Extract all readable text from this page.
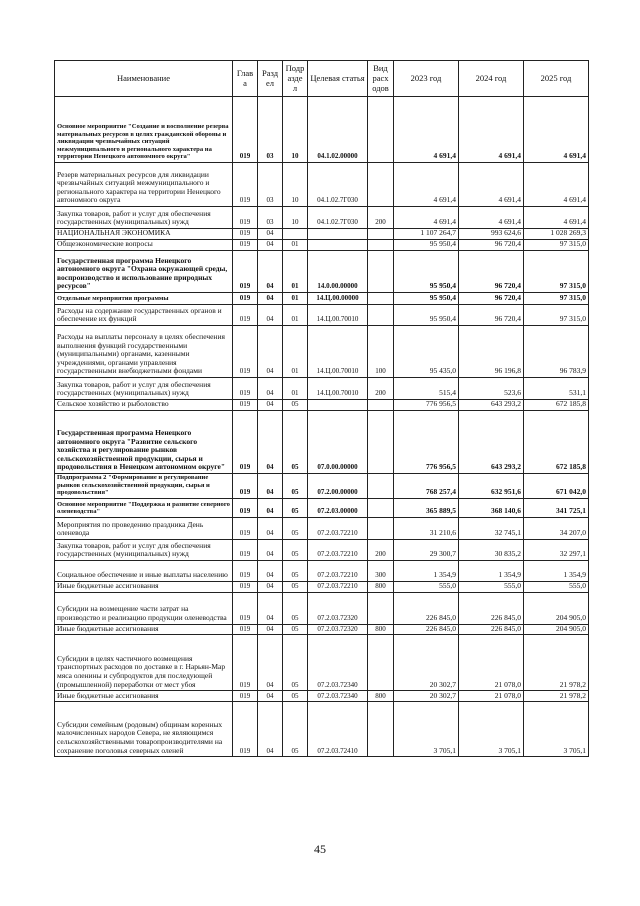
Наименование	Глав а	Разд ел	Подр азде л	Целевая статья	Вид расх одов	2023 год	2024 год	2025 год
Основное мероприятие "Создание и восполнение резерва материальных ресурсов в целях гражданской обороны и ликвидации чрезвычайных ситуаций межмуниципального и регионального характера на территории Ненецкого автономного округа"	019	03	10	04.1.02.00000		4 691,4	4 691,4	4 691,4
Резерв материальных ресурсов для ликвидации чрезвычайных ситуаций межмуниципального и регионального характера на территории Ненецкого автономного округа	019	03	10	04.1.02.7Г030		4 691,4	4 691,4	4 691,4
Закупка товаров, работ и услуг для обеспечения государственных (муниципальных) нужд	019	03	10	04.1.02.7Г030	200	4 691,4	4 691,4	4 691,4
НАЦИОНАЛЬНАЯ ЭКОНОМИКА	019	04				1 107 264,7	993 624,6	1 028 269,3
Общеэкономические вопросы	019	04	01			95 950,4	96 720,4	97 315,0
Государственная программа Ненецкого автономного округа "Охрана окружающей среды, воспроизводство и использование природных ресурсов"	019	04	01	14.0.00.00000		95 950,4	96 720,4	97 315,0
Отдельные мероприятия программы	019	04	01	14.Ц.00.00000		95 950,4	96 720,4	97 315,0
Расходы на содержание государственных органов и обеспечение их функций	019	04	01	14.Ц.00.70010		95 950,4	96 720,4	97 315,0
Расходы на выплаты персоналу в целях обеспечения выполнения функций государственными (муниципальными) органами, казенными учреждениями, органами управления государственными внебюджетными фондами	019	04	01	14.Ц.00.70010	100	95 435,0	96 196,8	96 783,9
Закупка товаров, работ и услуг для обеспечения государственных (муниципальных) нужд	019	04	01	14.Ц.00.70010	200	515,4	523,6	531,1
Сельское хозяйство и рыболовство	019	04	05			776 956,5	643 293,2	672 185,8
Государственная программа Ненецкого автономного округа "Развитие сельского хозяйства и регулирование рынков сельскохозяйственной продукции, сырья и продовольствия в Ненецком автономном округе"	019	04	05	07.0.00.00000		776 956,5	643 293,2	672 185,8
Подпрограмма 2 "Формирование и регулирование рынков сельскохозяйственной продукции, сырья и продовольствия"	019	04	05	07.2.00.00000		768 257,4	632 951,6	671 042,0
Основное мероприятие "Поддержка и развитие северного оленеводства"	019	04	05	07.2.03.00000		365 889,5	368 140,6	341 725,1
Мероприятия по проведению праздника День оленевода	019	04	05	07.2.03.72210		31 210,6	32 745,1	34 207,0
Закупка товаров, работ и услуг для обеспечения государственных (муниципальных) нужд	019	04	05	07.2.03.72210	200	29 300,7	30 835,2	32 297,1
Социальное обеспечение и иные выплаты населению	019	04	05	07.2.03.72210	300	1 354,9	1 354,9	1 354,9
Иные бюджетные ассигнования	019	04	05	07.2.03.72210	800	555,0	555,0	555,0
Субсидии на возмещение части затрат на производство и реализацию продукции оленеводства	019	04	05	07.2.03.72320		226 845,0	226 845,0	204 905,0
Иные бюджетные ассигнования	019	04	05	07.2.03.72320	800	226 845,0	226 845,0	204 905,0
Субсидии в целях частичного возмещения транспортных расходов по доставке в г. Нарьян-Мар мяса оленины и субпродуктов для последующей (промышленной) переработки от мест убоя	019	04	05	07.2.03.72340		20 302,7	21 078,0	21 978,2
Иные бюджетные ассигнования	019	04	05	07.2.03.72340	800	20 302,7	21 078,0	21 978,2
Субсидии семейным (родовым) общинам коренных малочисленных народов Севера, не являющимся сельскохозяйственными товаропроизводителями на сохранение поголовья северных оленей	019	04	05	07.2.03.72410		3 705,1	3 705,1	3 705,1
45
